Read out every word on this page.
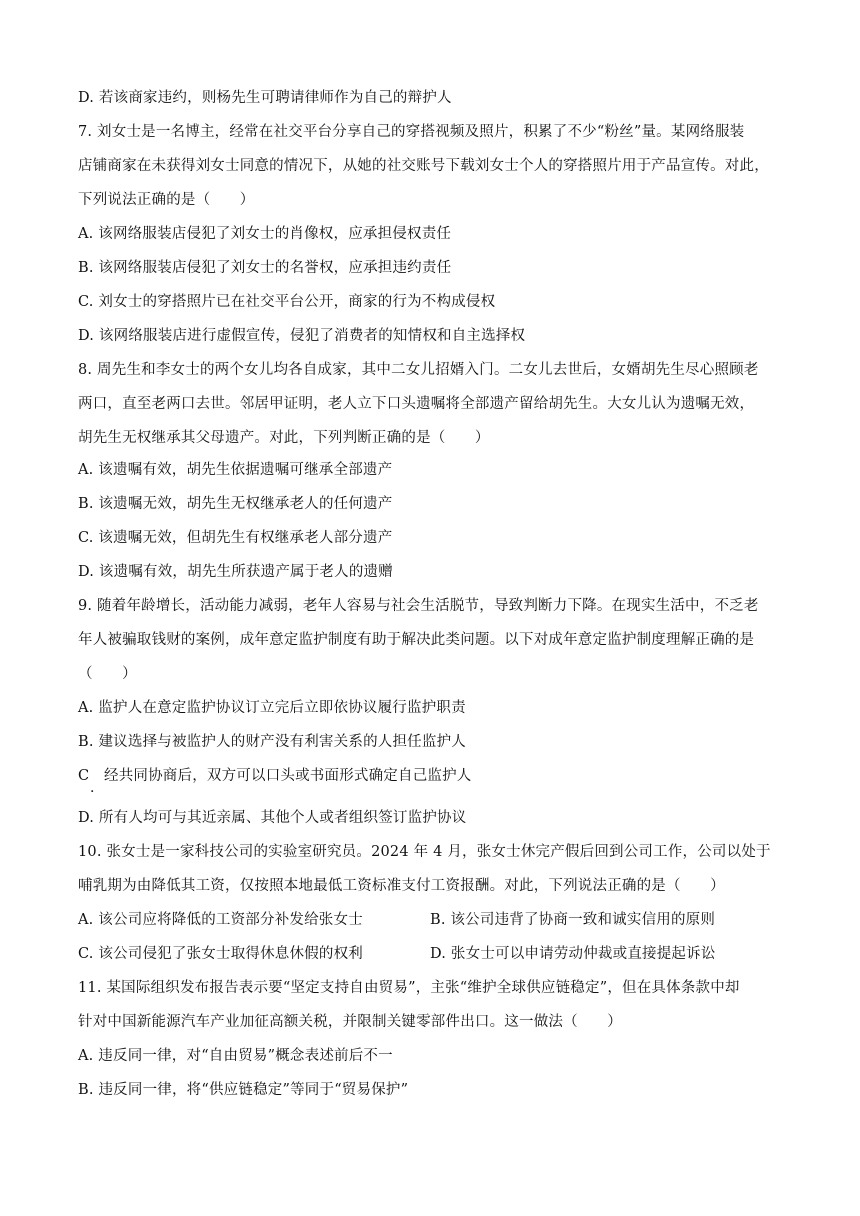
D. 若该商家违约，则杨先生可聘请律师作为自己的辩护人
7. 刘女士是一名博主，经常在社交平台分享自己的穿搭视频及照片，积累了不少“粉丝”量。某网络服装
店铺商家在未获得刘女士同意的情况下，从她的社交账号下载刘女士个人的穿搭照片用于产品宣传。对此，
下列说法正确的是（　　）
A. 该网络服装店侵犯了刘女士的肖像权，应承担侵权责任
B. 该网络服装店侵犯了刘女士的名誉权，应承担违约责任
C. 刘女士的穿搭照片已在社交平台公开，商家的行为不构成侵权
D. 该网络服装店进行虚假宣传，侵犯了消费者的知情权和自主选择权
8. 周先生和李女士的两个女儿均各自成家，其中二女儿招婿入门。二女儿去世后，女婿胡先生尽心照顾老
两口，直至老两口去世。邻居甲证明，老人立下口头遗嘱将全部遗产留给胡先生。大女儿认为遗嘱无效，
胡先生无权继承其父母遗产。对此，下列判断正确的是（　　）
A. 该遗嘱有效，胡先生依据遗嘱可继承全部遗产
B. 该遗嘱无效，胡先生无权继承老人的任何遗产
C. 该遗嘱无效，但胡先生有权继承老人部分遗产
D. 该遗嘱有效，胡先生所获遗产属于老人的遗赠
9. 随着年龄增长，活动能力减弱，老年人容易与社会生活脱节，导致判断力下降。在现实生活中，不乏老
年人被骗取钱财的案例，成年意定监护制度有助于解决此类问题。以下对成年意定监护制度理解正确的是
（　　）
A. 监护人在意定监护协议订立完后立即依协议履行监护职责
B. 建议选择与被监护人的财产没有利害关系的人担任监护人
C　经共同协商后，双方可以口头或书面形式确定自己监护人
·
D. 所有人均可与其近亲属、其他个人或者组织签订监护协议
10. 张女士是一家科技公司的实验室研究员。2024 年 4 月，张女士休完产假后回到公司工作，公司以处于
哺乳期为由降低其工资，仅按照本地最低工资标准支付工资报酬。对此，下列说法正确的是（　　）
A. 该公司应将降低的工资部分补发给张女士	B. 该公司违背了协商一致和诚实信用的原则
C. 该公司侵犯了张女士取得休息休假的权利	D. 张女士可以申请劳动仲裁或直接提起诉讼
11. 某国际组织发布报告表示要“坚定支持自由贸易”，主张“维护全球供应链稳定”，但在具体条款中却
针对中国新能源汽车产业加征高额关税，并限制关键零部件出口。这一做法（　　）
A. 违反同一律，对“自由贸易”概念表述前后不一
B. 违反同一律，将“供应链稳定”等同于“贸易保护”
